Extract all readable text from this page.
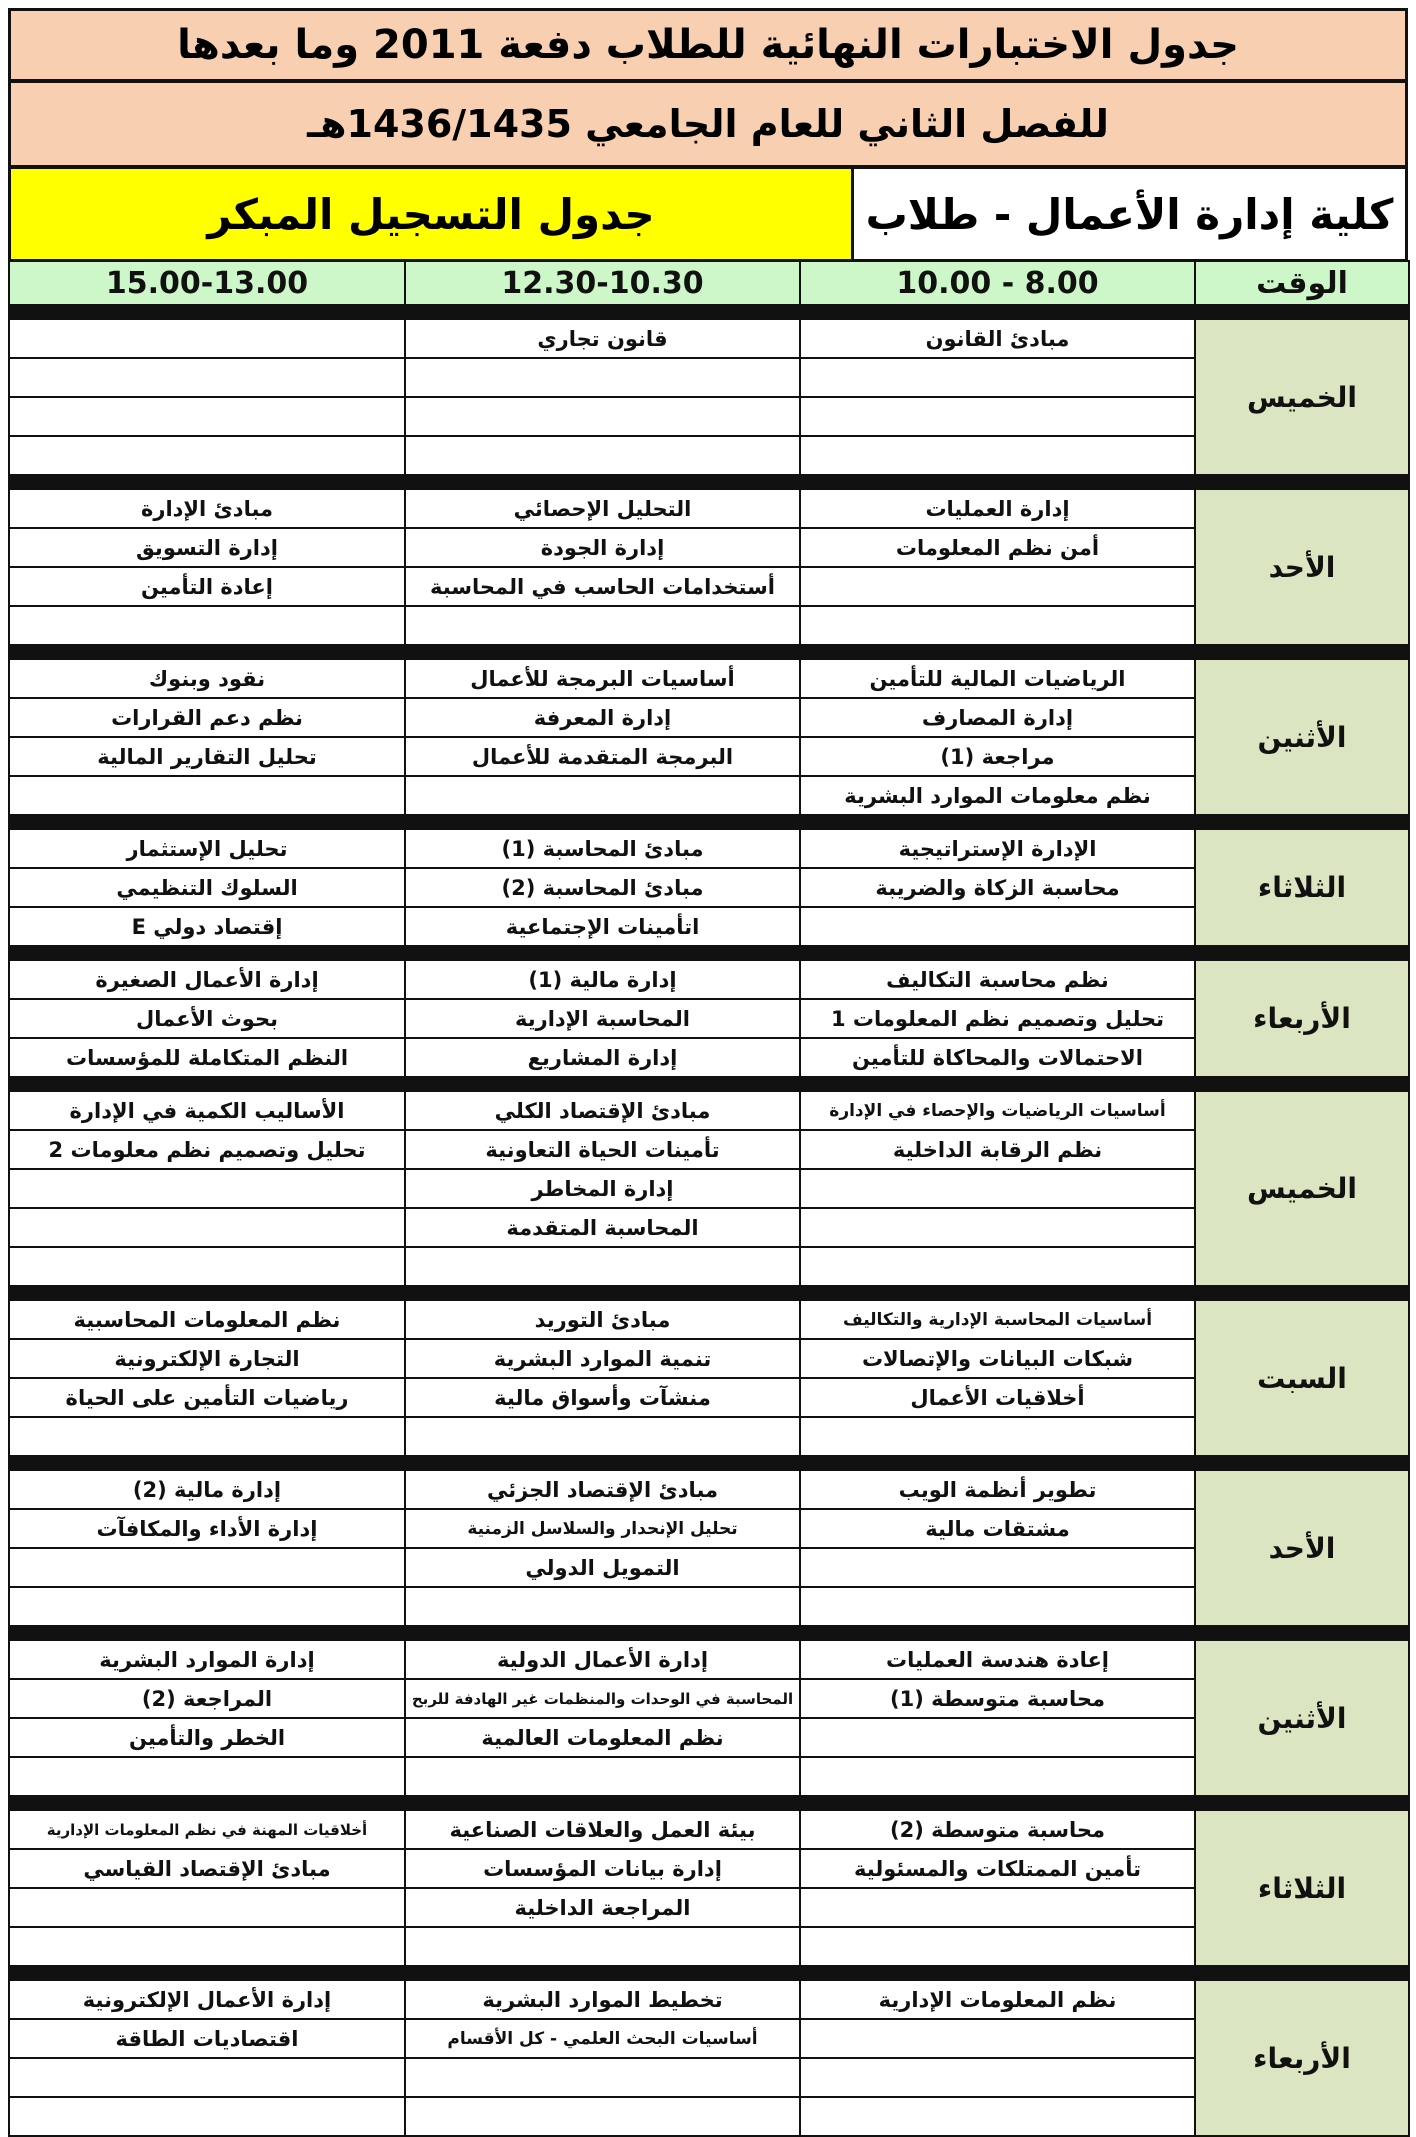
جدول الاختبارات النهائية للطلاب دفعة 2011 وما بعدها
للفصل الثاني للعام الجامعي 1436/1435هـ
كلية إدارة الأعمال - طلاب
جدول التسجيل المبكر
الوقت	10.00 - 8.00	12.30-10.30	15.00-13.00

الخميس	مبادئ القانون	قانون تجاري	

الأحد	إدارة العمليات	التحليل الإحصائي	مبادئ الإدارة
	أمن نظم المعلومات	إدارة الجودة	إدارة التسويق
		أستخدامات الحاسب في المحاسبة	إعادة التأمين

الأثنين	الرياضيات المالية للتأمين	أساسيات البرمجة للأعمال	نقود وبنوك
	إدارة المصارف	إدارة المعرفة	نظم دعم القرارات
	مراجعة (1)	البرمجة المتقدمة للأعمال	تحليل التقارير المالية
	نظم معلومات الموارد البشرية		

الثلاثاء	الإدارة الإستراتيجية	مبادئ المحاسبة (1)	تحليل الإستثمار
	محاسبة الزكاة والضريبة	مبادئ المحاسبة (2)	السلوك التنظيمي
		اتأمينات الإجتماعية	إقتصاد دولي E

الأربعاء	نظم محاسبة التكاليف	إدارة مالية (1)	إدارة الأعمال الصغيرة
	تحليل وتصميم نظم المعلومات 1	المحاسبة الإدارية	بحوث الأعمال
	الاحتمالات والمحاكاة للتأمين	إدارة المشاريع	النظم المتكاملة للمؤسسات

الخميس	أساسيات الرياضيات والإحصاء في الإدارة	مبادئ الإقتصاد الكلي	الأساليب الكمية في الإدارة
	نظم الرقابة الداخلية	تأمينات الحياة التعاونية	تحليل وتصميم نظم معلومات 2
		إدارة المخاطر	
		المحاسبة المتقدمة	

السبت	أساسيات المحاسبة الإدارية والتكاليف	مبادئ التوريد	نظم المعلومات المحاسبية
	شبكات البيانات والإتصالات	تنمية الموارد البشرية	التجارة الإلكترونية
	أخلاقيات الأعمال	منشآت وأسواق مالية	رياضيات التأمين على الحياة

الأحد	تطوير أنظمة الويب	مبادئ الإقتصاد الجزئي	إدارة مالية (2)
	مشتقات مالية	تحليل الإنحدار والسلاسل الزمنية	إدارة الأداء والمكافآت
		التمويل الدولي	

الأثنين	إعادة هندسة العمليات	إدارة الأعمال الدولية	إدارة الموارد البشرية
	محاسبة متوسطة (1)	المحاسبة في الوحدات والمنظمات غير الهادفة للربح	المراجعة (2)
		نظم المعلومات العالمية	الخطر والتأمين

الثلاثاء	محاسبة متوسطة (2)	بيئة العمل والعلاقات الصناعية	أخلاقيات المهنة في نظم المعلومات الإدارية
	تأمين الممتلكات والمسئولية	إدارة بيانات المؤسسات	مبادئ الإقتصاد القياسي
		المراجعة الداخلية	

الأربعاء	نظم المعلومات الإدارية	تخطيط الموارد البشرية	إدارة الأعمال الإلكترونية
		أساسيات البحث العلمي - كل الأقسام	اقتصاديات الطاقة
